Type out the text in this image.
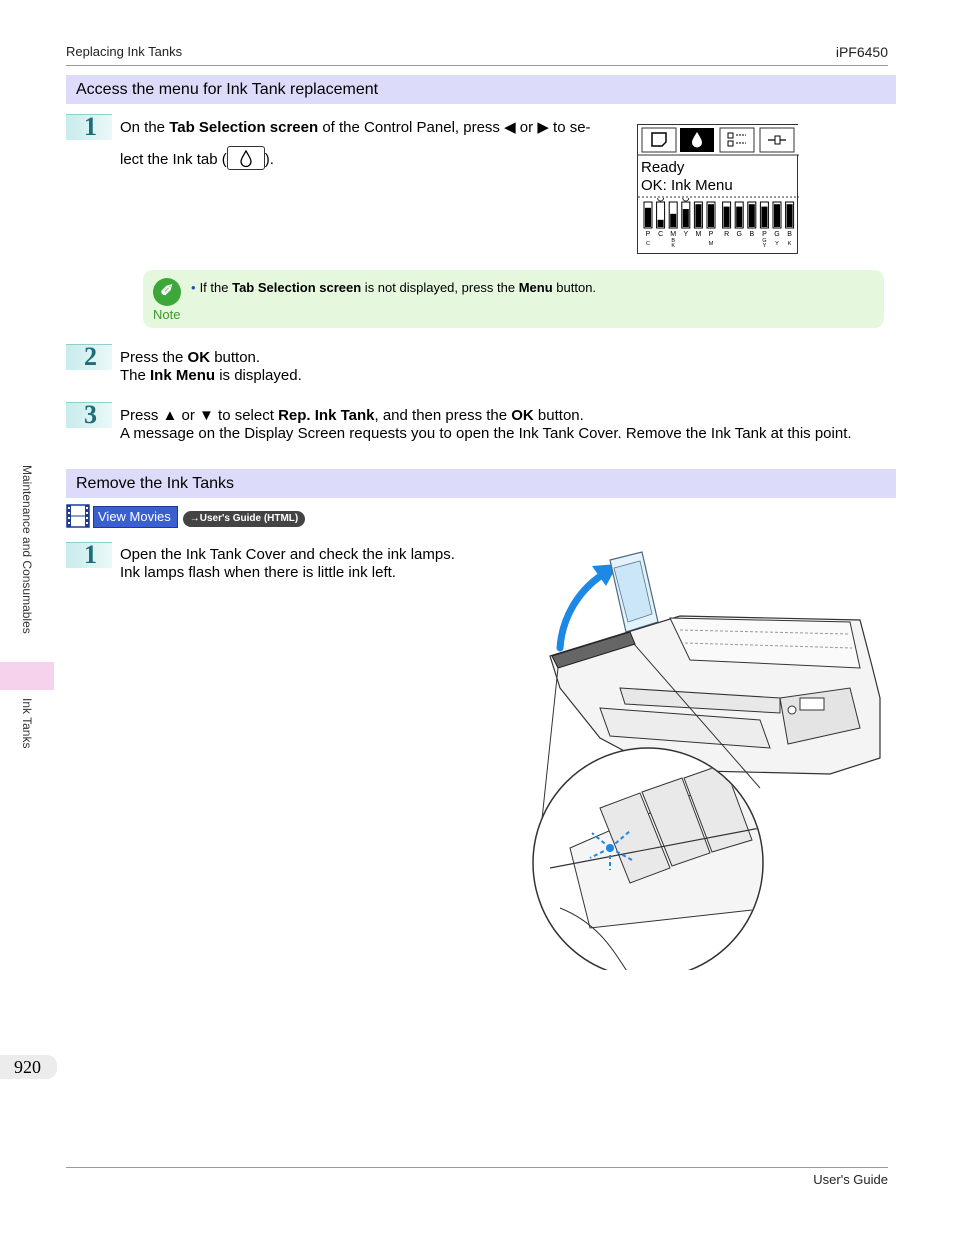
Replacing Ink Tanks	iPF6450
Access the menu for Ink Tank replacement
1	On the Tab Selection screen of the Control Panel, press ◀ or ▶ to se-
lect the Ink tab (	).	Ready
OK: Ink Menu
P
C
C M
B
K
Y M P
M
R G B P
G
Y
G
Y
B
K
✐
Note
• If the Tab Selection screen is not displayed, press the Menu button.
2	Press the OK button.
The Ink Menu is displayed.
3	Press ▲ or ▼ to select Rep. Ink Tank, and then press the OK button.
A message on the Display Screen requests you to open the Ink Tank Cover. Remove the Ink Tank at this point.
Remove the Ink Tanks
View Movies	→User's Guide (HTML)
1	Open the Ink Tank Cover and check the ink lamps.
Ink lamps flash when there is little ink left.
Maintenance and Consumables
Ink Tanks
920
User's Guide
